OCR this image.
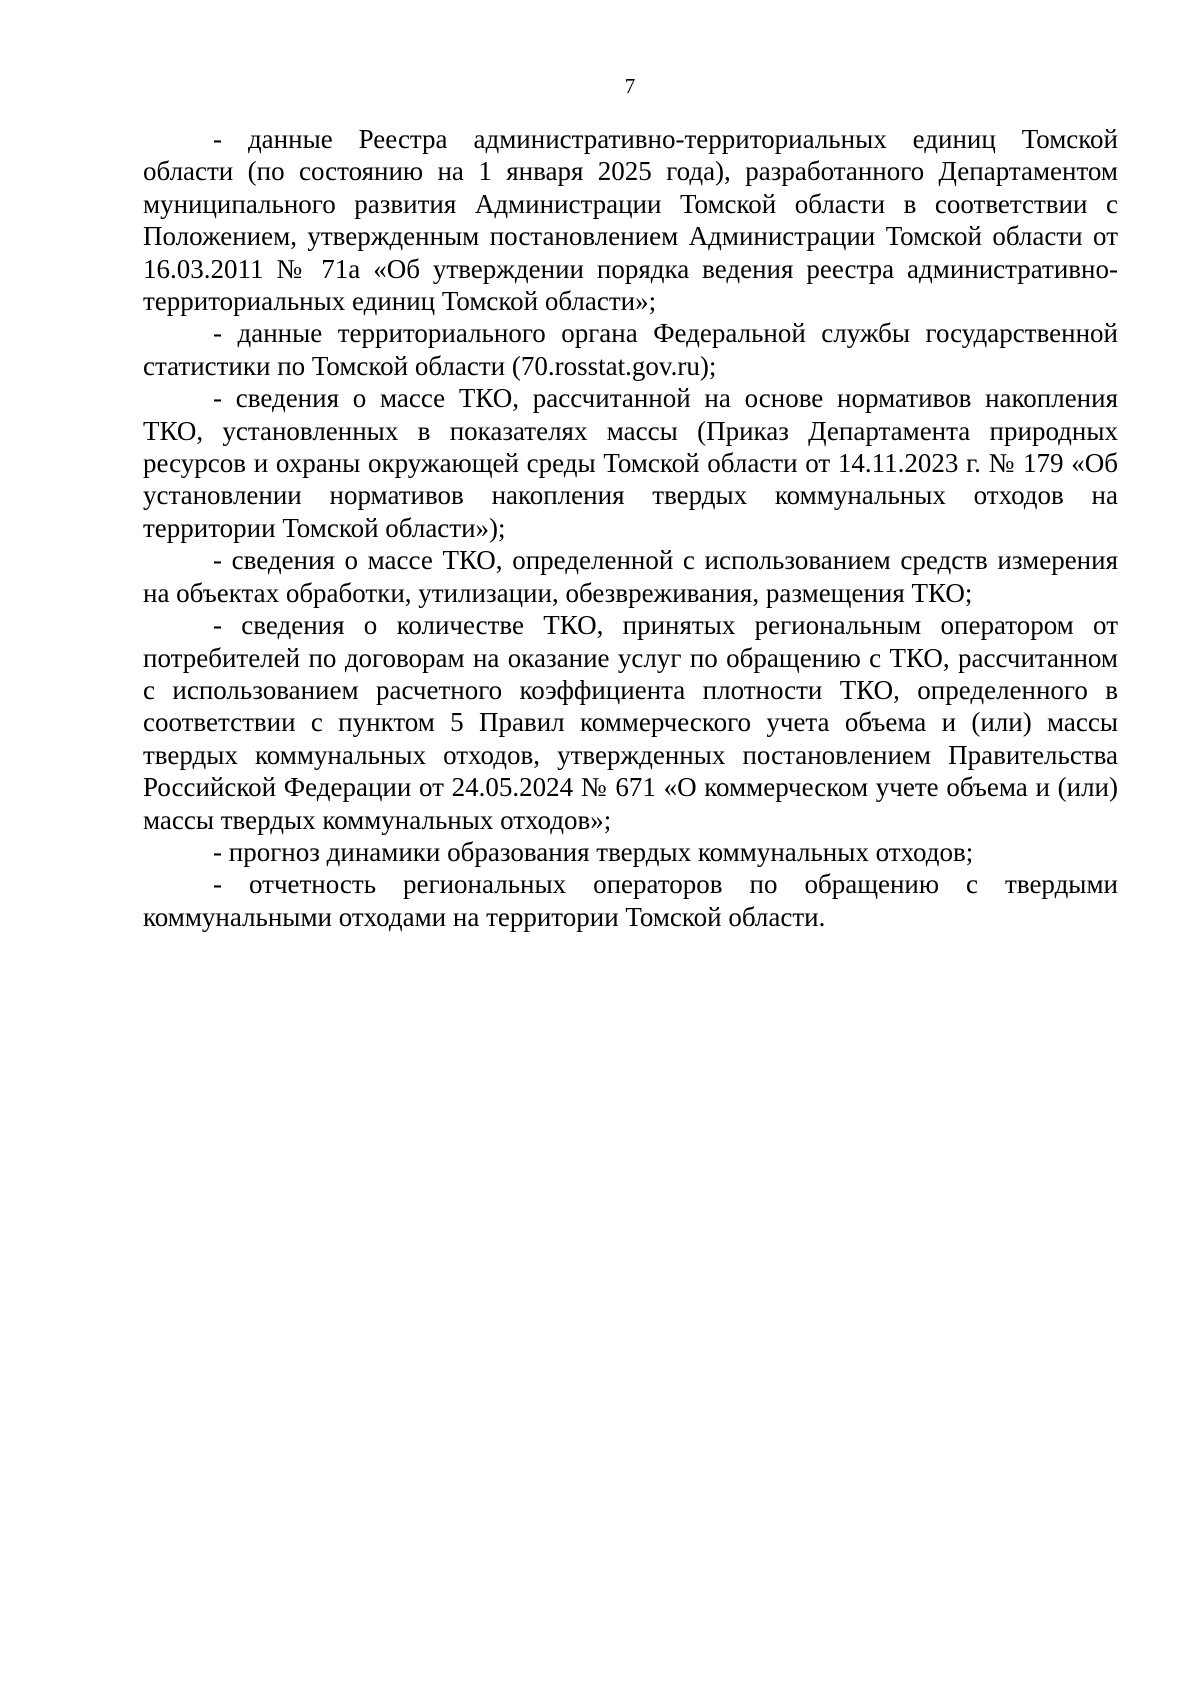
7

- данные Реестра административно-территориальных единиц Томской области (по состоянию на 1 января 2025 года), разработанного Департаментом муниципального развития Администрации Томской области в соответствии с Положением, утвержденным постановлением Администрации Томской области от 16.03.2011 № 71а «Об утверждении порядка ведения реестра административно-территориальных единиц Томской области»;

- данные территориального органа Федеральной службы государственной статистики по Томской области (70.rosstat.gov.ru);

- сведения о массе ТКО, рассчитанной на основе нормативов накопления ТКО, установленных в показателях массы (Приказ Департамента природных ресурсов и охраны окружающей среды Томской области от 14.11.2023 г. № 179 «Об установлении нормативов накопления твердых коммунальных отходов на территории Томской области»);

- сведения о массе ТКО, определенной с использованием средств измерения на объектах обработки, утилизации, обезвреживания, размещения ТКО;

- сведения о количестве ТКО, принятых региональным оператором от потребителей по договорам на оказание услуг по обращению с ТКО, рассчитанном с использованием расчетного коэффициента плотности ТКО, определенного в соответствии с пунктом 5 Правил коммерческого учета объема и (или) массы твердых коммунальных отходов, утвержденных постановлением Правительства Российской Федерации от 24.05.2024 № 671 «О коммерческом учете объема и (или) массы твердых коммунальных отходов»;

- прогноз динамики образования твердых коммунальных отходов;

- отчетность региональных операторов по обращению с твердыми коммунальными отходами на территории Томской области.
